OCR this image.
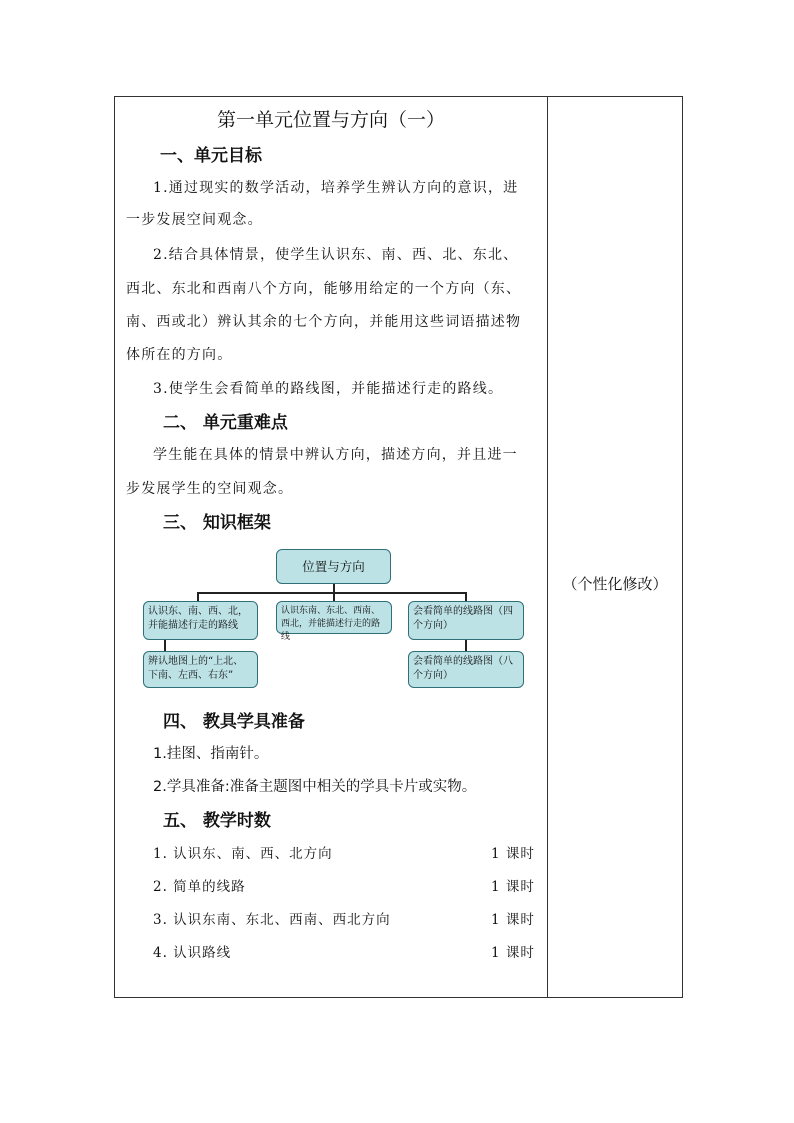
（个性化修改）
第一单元位置与方向（一）
一、单元目标
1.通过现实的数学活动，培养学生辨认方向的意识，进
一步发展空间观念。
2.结合具体情景，使学生认识东、南、西、北、东北、
西北、东北和西南八个方向，能够用给定的一个方向（东、
南、西或北）辨认其余的七个方向，并能用这些词语描述物
体所在的方向。
3.使学生会看简单的路线图，并能描述行走的路线。
二、 单元重难点
学生能在具体的情景中辨认方向，描述方向，并且进一
步发展学生的空间观念。
三、 知识框架
位置与方向
认识东、南、西、北，并能描述行走的路线
认识东南、东北、西南、西北，并能描述行走的路线
会看简单的线路图（四个方向）
辨认地图上的“上北、下南、左西、右东”
会看简单的线路图（八个方向）
四、 教具学具准备
1.挂图、指南针。
2.学具准备:准备主题图中相关的学具卡片或实物。
五、 教学时数
1. 认识东、南、西、北方向	1 课时
2. 简单的线路	1 课时
3. 认识东南、东北、西南、西北方向	1 课时
4. 认识路线	1 课时
